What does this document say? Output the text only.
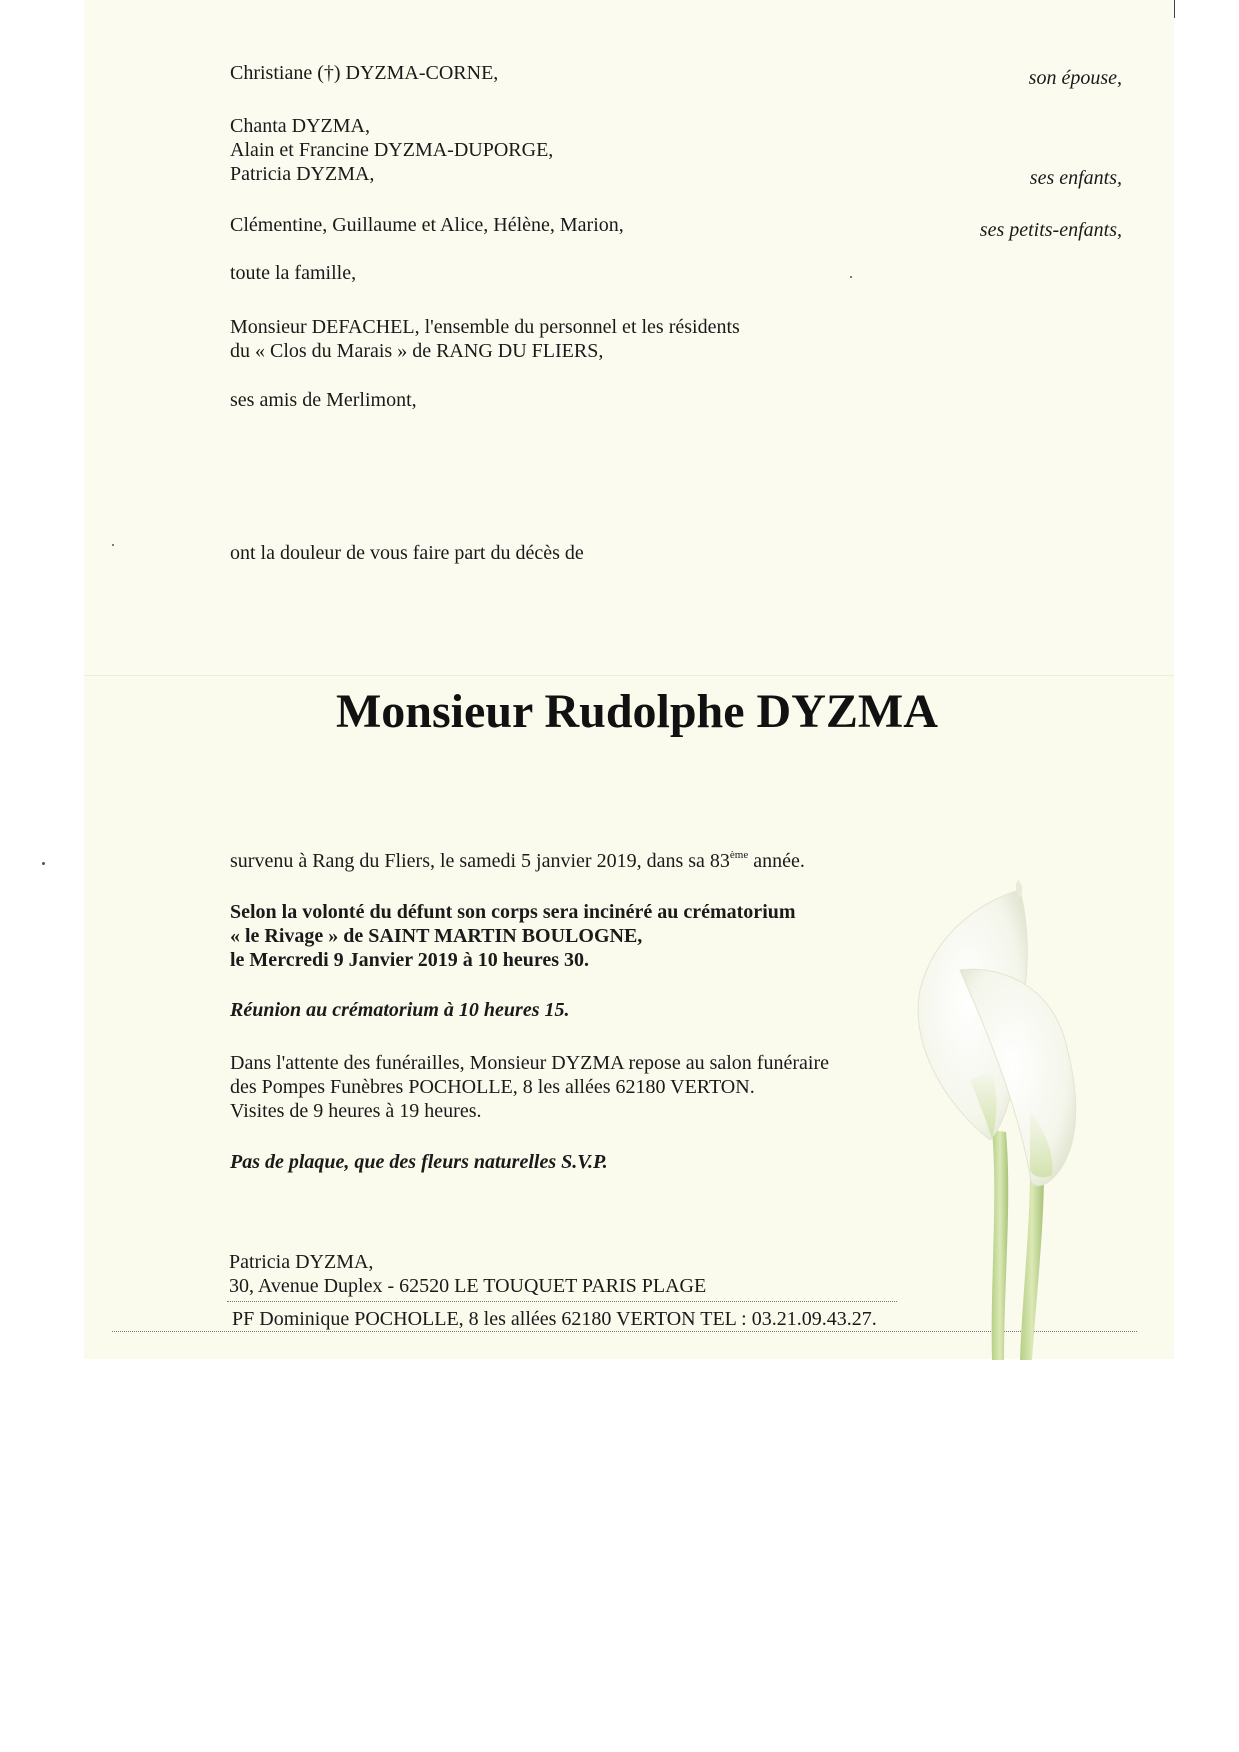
Christiane (†) DYZMA-CORNE,	son épouse,
Chanta DYZMA,
Alain et Francine DYZMA-DUPORGE,
Patricia DYZMA,	ses enfants,
Clémentine, Guillaume et Alice, Hélène, Marion,	ses petits-enfants,
toute la famille,
Monsieur DEFACHEL, l'ensemble du personnel et les résidents
du « Clos du Marais » de RANG DU FLIERS,
ses amis de Merlimont,
ont la douleur de vous faire part du décès de
Monsieur Rudolphe DYZMA
survenu à Rang du Fliers, le samedi 5 janvier 2019, dans sa 83ème année.
Selon la volonté du défunt son corps sera incinéré au crématorium
« le Rivage » de SAINT MARTIN BOULOGNE,
le Mercredi 9 Janvier 2019 à 10 heures 30.
Réunion au crématorium à 10 heures 15.
Dans l'attente des funérailles, Monsieur DYZMA repose au salon funéraire
des Pompes Funèbres POCHOLLE, 8 les allées 62180 VERTON.
Visites de 9 heures à 19 heures.
Pas de plaque, que des fleurs naturelles S.V.P.
Patricia DYZMA,
30, Avenue Duplex - 62520 LE TOUQUET PARIS PLAGE
PF Dominique POCHOLLE, 8 les allées 62180 VERTON TEL : 03.21.09.43.27.
